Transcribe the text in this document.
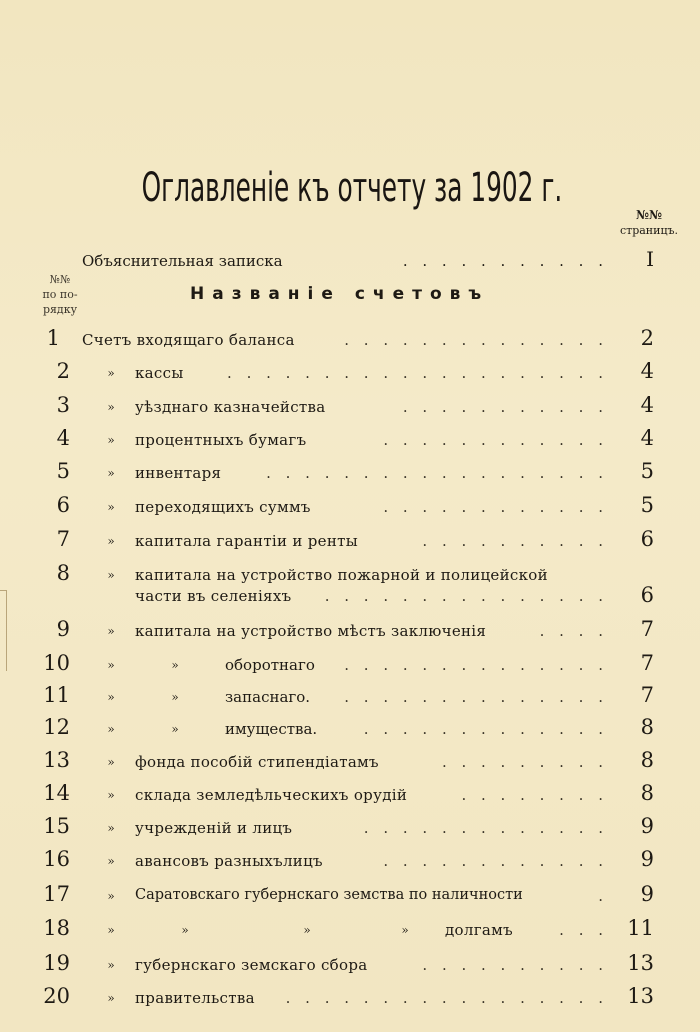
Оглавленіе къ отчету за 1902 г.
№№
страницъ.
Объяснительная записка	. . . . . . . . . . .	I
№№
по по-
рядку
Названіе счетовъ
1 Счетъ входящаго баланса	. . . . . . . . . . . . . .	2
2	» кассы	. . . . . . . . . . . . . . . . . . . .	4
3	» уѣзднаго казначейства	. . . . . . . . . . .	4
4	» процентныхъ бумагъ	. . . . . . . . . . . .	4
5	» инвентаря	. . . . . . . . . . . . . . . . . .	5
6	» переходящихъ суммъ	. . . . . . . . . . . .	5
7	» капитала гарантіи и ренты	. . . . . . . . . .	6
8	» капитала на устройство пожарной и полицейской
части въ селеніяхъ . . . . . . . . . . . . . . .	6
9	» капитала на устройство мѣстъ заключенія	. . . .	7
10	»	»	оборотнаго . . . . . . . . . . . . . .	7
11	»	»	запаснаго. . . . . . . . . . . . . . .	7
12	»	»	имущества.	. . . . . . . . . . . . .	8
13	» фонда пособій стипендіатамъ	. . . . . . . . .	8
14	» склада земледѣльческихъ орудій	. . . . . . . .	8
15	» учрежденій и лицъ	. . . . . . . . . . . . .	9
16	» авансовъ разныхълицъ	. . . . . . . . . . . .	9
17	» Саратовскаго губернскаго земства по наличности	.	9
18	»	»	»	» долгамъ	. . . 11
19	» губернскаго земскаго сбора	. . . . . . . . . . 13
20	» правительства . . . . . . . . . . . . . . . . . 13
